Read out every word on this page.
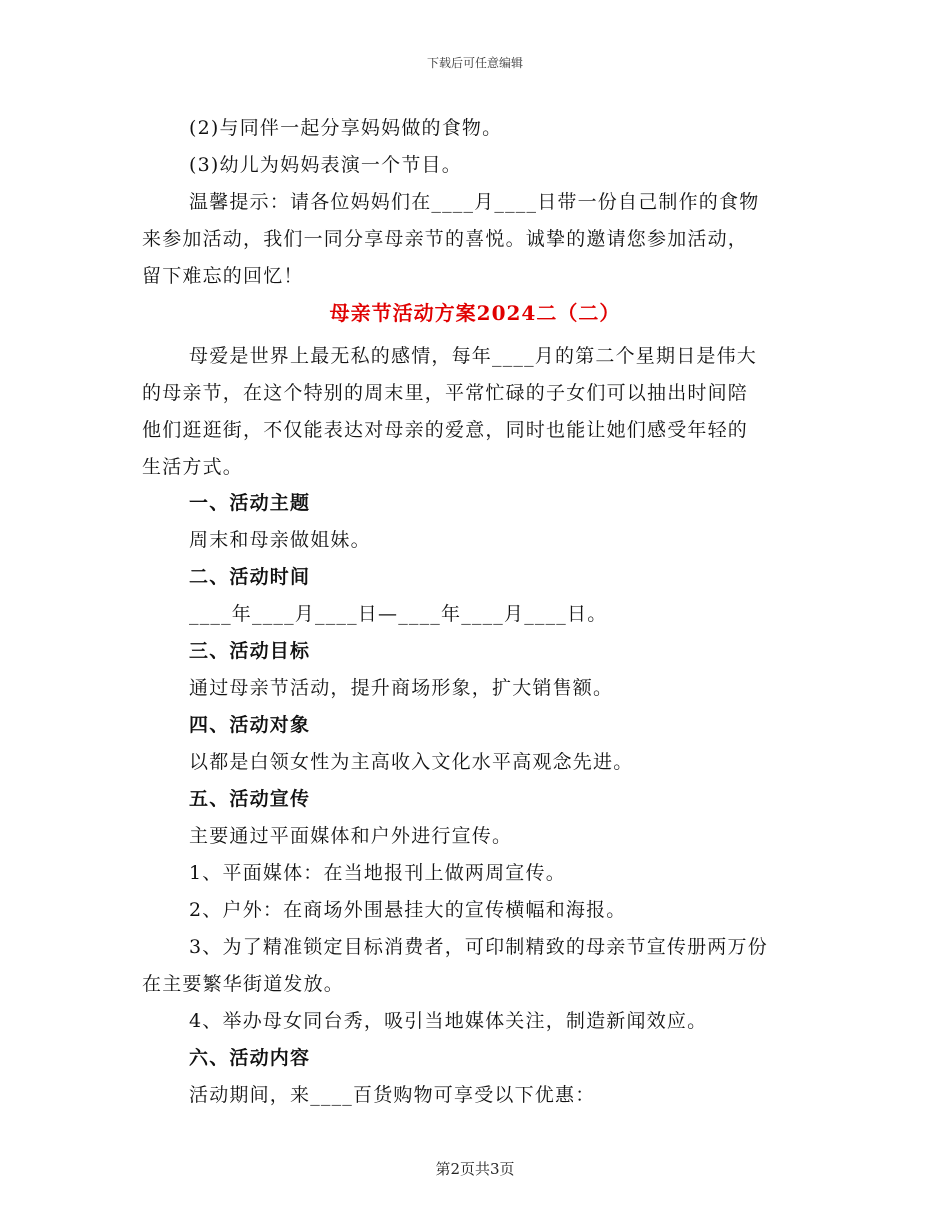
下载后可任意编辑
(2)与同伴一起分享妈妈做的食物。
(3)幼儿为妈妈表演一个节目。
温馨提示：请各位妈妈们在____月____日带一份自己制作的食物
来参加活动，我们一同分享母亲节的喜悦。诚挚的邀请您参加活动，
留下难忘的回忆！
母亲节活动方案2024二（二）
母爱是世界上最无私的感情，每年____月的第二个星期日是伟大
的母亲节，在这个特别的周末里，平常忙碌的子女们可以抽出时间陪
他们逛逛街，不仅能表达对母亲的爱意，同时也能让她们感受年轻的
生活方式。
一、活动主题
周末和母亲做姐妹。
二、活动时间
____年____月____日—____年____月____日。
三、活动目标
通过母亲节活动，提升商场形象，扩大销售额。
四、活动对象
以都是白领女性为主高收入文化水平高观念先进。
五、活动宣传
主要通过平面媒体和户外进行宣传。
1、平面媒体：在当地报刊上做两周宣传。
2、户外：在商场外围悬挂大的宣传横幅和海报。
3、为了精准锁定目标消费者，可印制精致的母亲节宣传册两万份
在主要繁华街道发放。
4、举办母女同台秀，吸引当地媒体关注，制造新闻效应。
六、活动内容
活动期间，来____百货购物可享受以下优惠：
第2页共3页
